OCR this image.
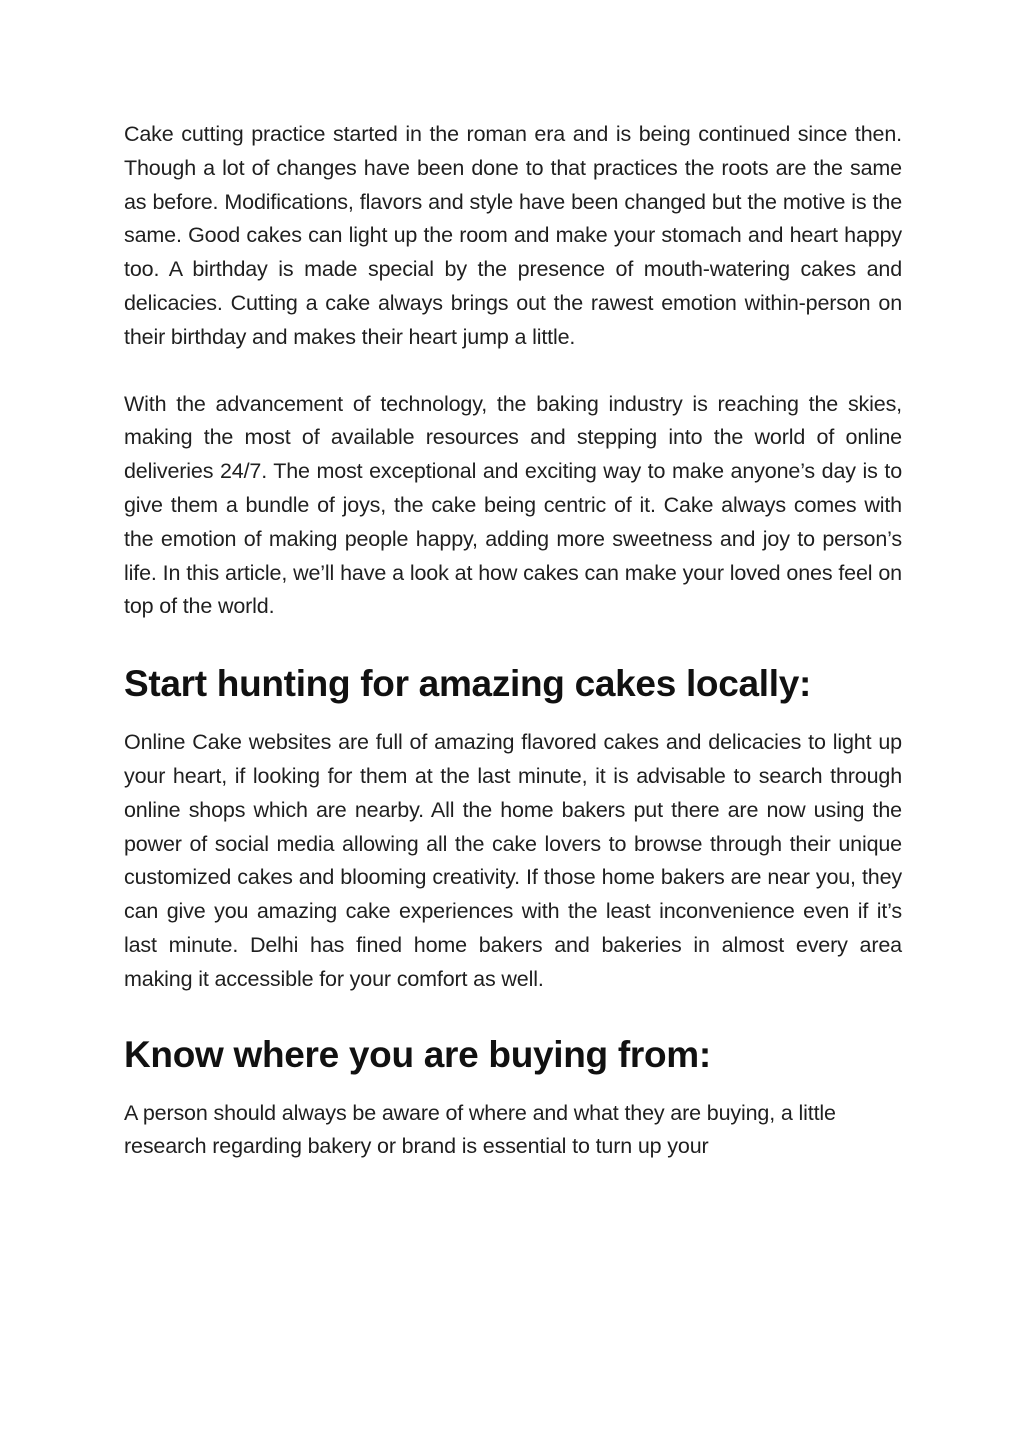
Cake cutting practice started in the roman era and is being continued since then. Though a lot of changes have been done to that practices the roots are the same as before. Modifications, flavors and style have been changed but the motive is the same. Good cakes can light up the room and make your stomach and heart happy too. A birthday is made special by the presence of mouth-watering cakes and delicacies. Cutting a cake always brings out the rawest emotion within-person on their birthday and makes their heart jump a little.

With the advancement of technology, the baking industry is reaching the skies, making the most of available resources and stepping into the world of online deliveries 24/7. The most exceptional and exciting way to make anyone’s day is to give them a bundle of joys, the cake being centric of it. Cake always comes with the emotion of making people happy, adding more sweetness and joy to person’s life. In this article, we’ll have a look at how cakes can make your loved ones feel on top of the world.

Start hunting for amazing cakes locally:

Online Cake websites are full of amazing flavored cakes and delicacies to light up your heart, if looking for them at the last minute, it is advisable to search through online shops which are nearby. All the home bakers put there are now using the power of social media allowing all the cake lovers to browse through their unique customized cakes and blooming creativity. If those home bakers are near you, they can give you amazing cake experiences with the least inconvenience even if it’s last minute. Delhi has fined home bakers and bakeries in almost every area making it accessible for your comfort as well.

Know where you are buying from:

A person should always be aware of where and what they are buying, a little research regarding bakery or brand is essential to turn up your
